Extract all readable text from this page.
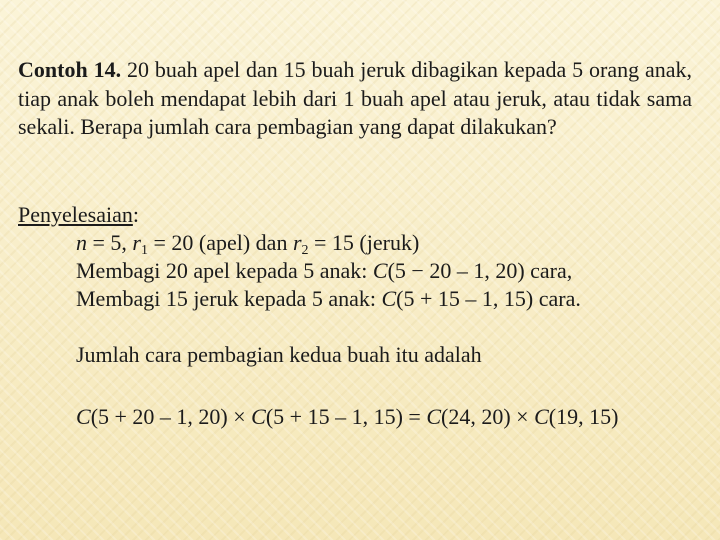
Contoh 14. 20 buah apel dan 15 buah jeruk dibagikan kepada 5 orang anak, tiap anak boleh mendapat lebih dari 1 buah apel atau jeruk, atau tidak sama sekali. Berapa jumlah cara pembagian yang dapat dilakukan?
Penyelesaian:
n = 5, $r_1 = 20$ (apel) dan $r_2 = 15$ (jeruk)
Membagi 20 apel kepada 5 anak: C(5 − 20 – 1, 20) cara,
Membagi 15 jeruk kepada 5 anak: C(5 + 15 – 1, 15) cara.
Jumlah cara pembagian kedua buah itu adalah
C(5 + 20 – 1, 20) × C(5 + 15 – 1, 15) = C(24, 20) × C(19, 15)
